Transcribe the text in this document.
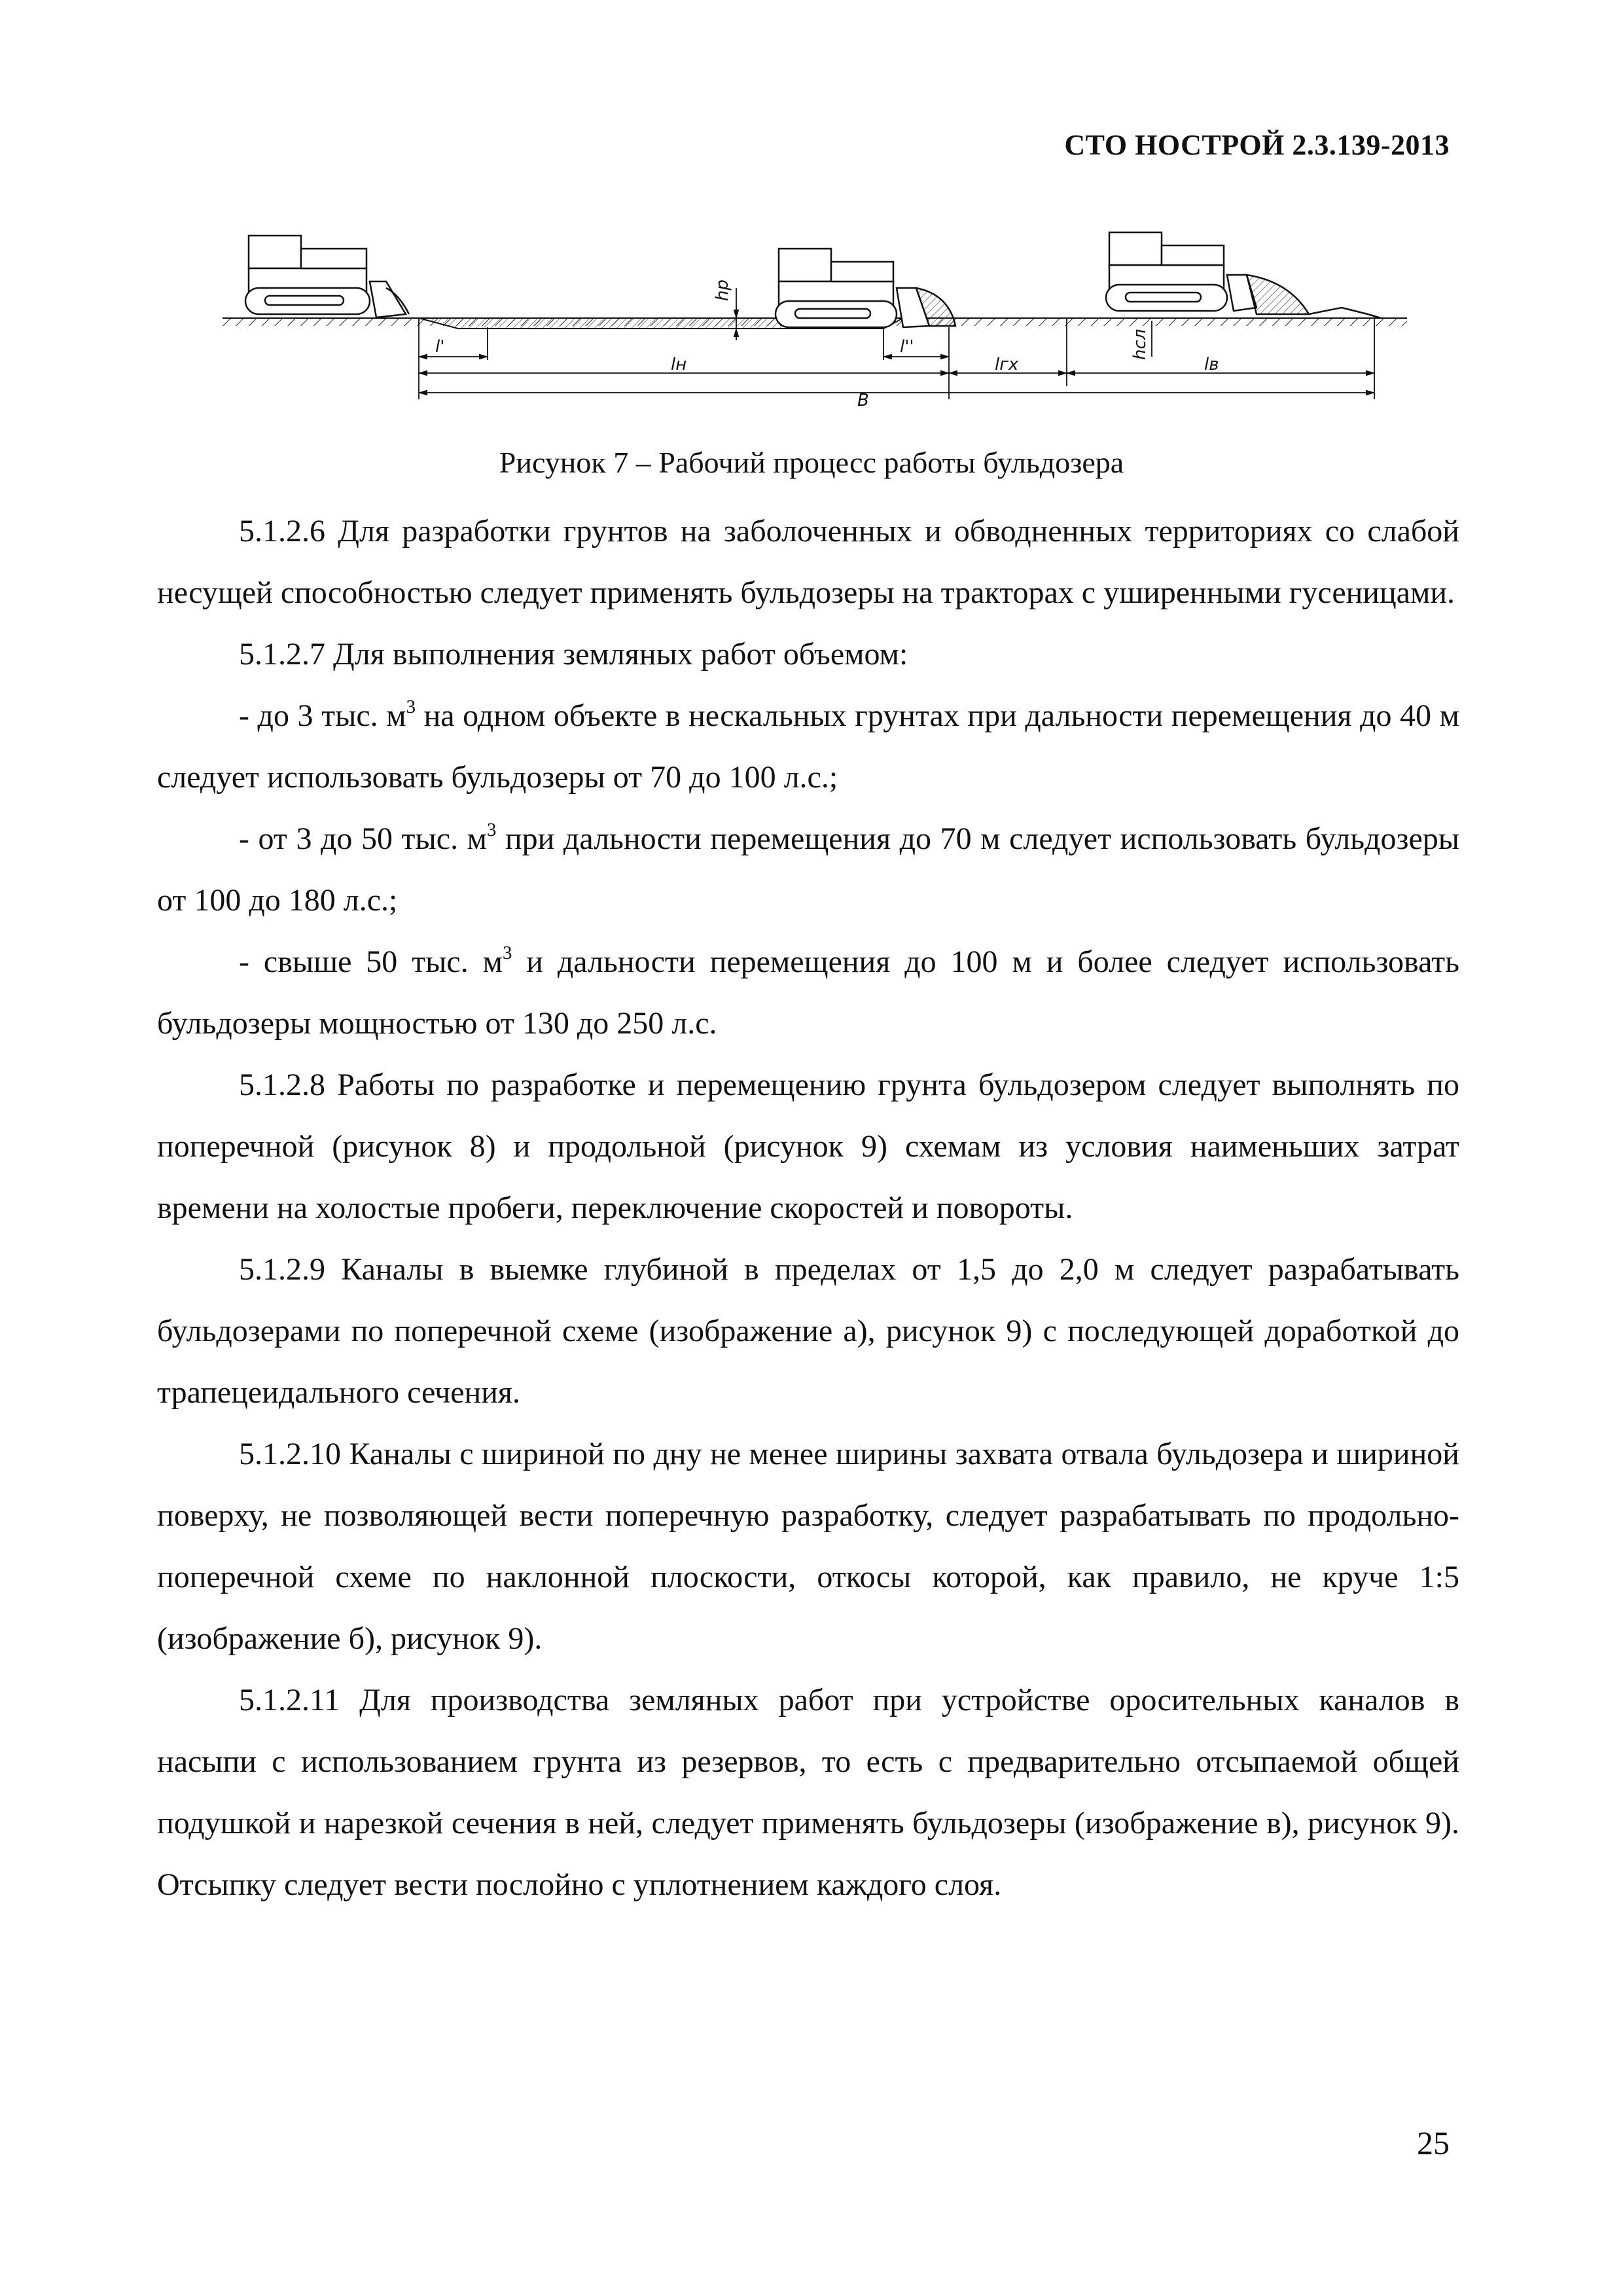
СТО НОСТРОЙ 2.3.139-2013
l'
lн
l''
lгх	lв
В
hр
hсл
Рисунок 7 – Рабочий процесс работы бульдозера

5.1.2.6 Для разработки грунтов на заболоченных и обводненных территориях со слабой несущей способностью следует применять бульдозеры на тракторах с уширенными гусеницами.

5.1.2.7 Для выполнения земляных работ объемом:

- до 3 тыс. $м^3$ на одном объекте в нескальных грунтах при дальности перемещения до 40 м следует использовать бульдозеры от 70 до 100 л.с.;

- от 3 до 50 тыс. $м^3$ при дальности перемещения до 70 м следует использовать бульдозеры от 100 до 180 л.с.;

- свыше 50 тыс. $м^3$ и дальности перемещения до 100 м и более следует использовать бульдозеры мощностью от 130 до 250 л.с.

5.1.2.8 Работы по разработке и перемещению грунта бульдозером следует выполнять по поперечной (рисунок 8) и продольной (рисунок 9) схемам из условия наименьших затрат времени на холостые пробеги, переключение скоростей и повороты.

5.1.2.9 Каналы в выемке глубиной в пределах от 1,5 до 2,0 м следует разрабатывать бульдозерами по поперечной схеме (изображение а), рисунок 9) с последующей доработкой до трапецеидального сечения.

5.1.2.10 Каналы с шириной по дну не менее ширины захвата отвала бульдозера и шириной поверху, не позволяющей вести поперечную разработку, следует разрабатывать по продольно-поперечной схеме по наклонной плоскости, откосы которой, как правило, не круче 1:5 (изображение б), рисунок 9).

5.1.2.11 Для производства земляных работ при устройстве оросительных каналов в насыпи с использованием грунта из резервов, то есть с предварительно отсыпаемой общей подушкой и нарезкой сечения в ней, следует применять бульдозеры (изображение в), рисунок 9). Отсыпку следует вести послойно с уплотнением каждого слоя.

25
